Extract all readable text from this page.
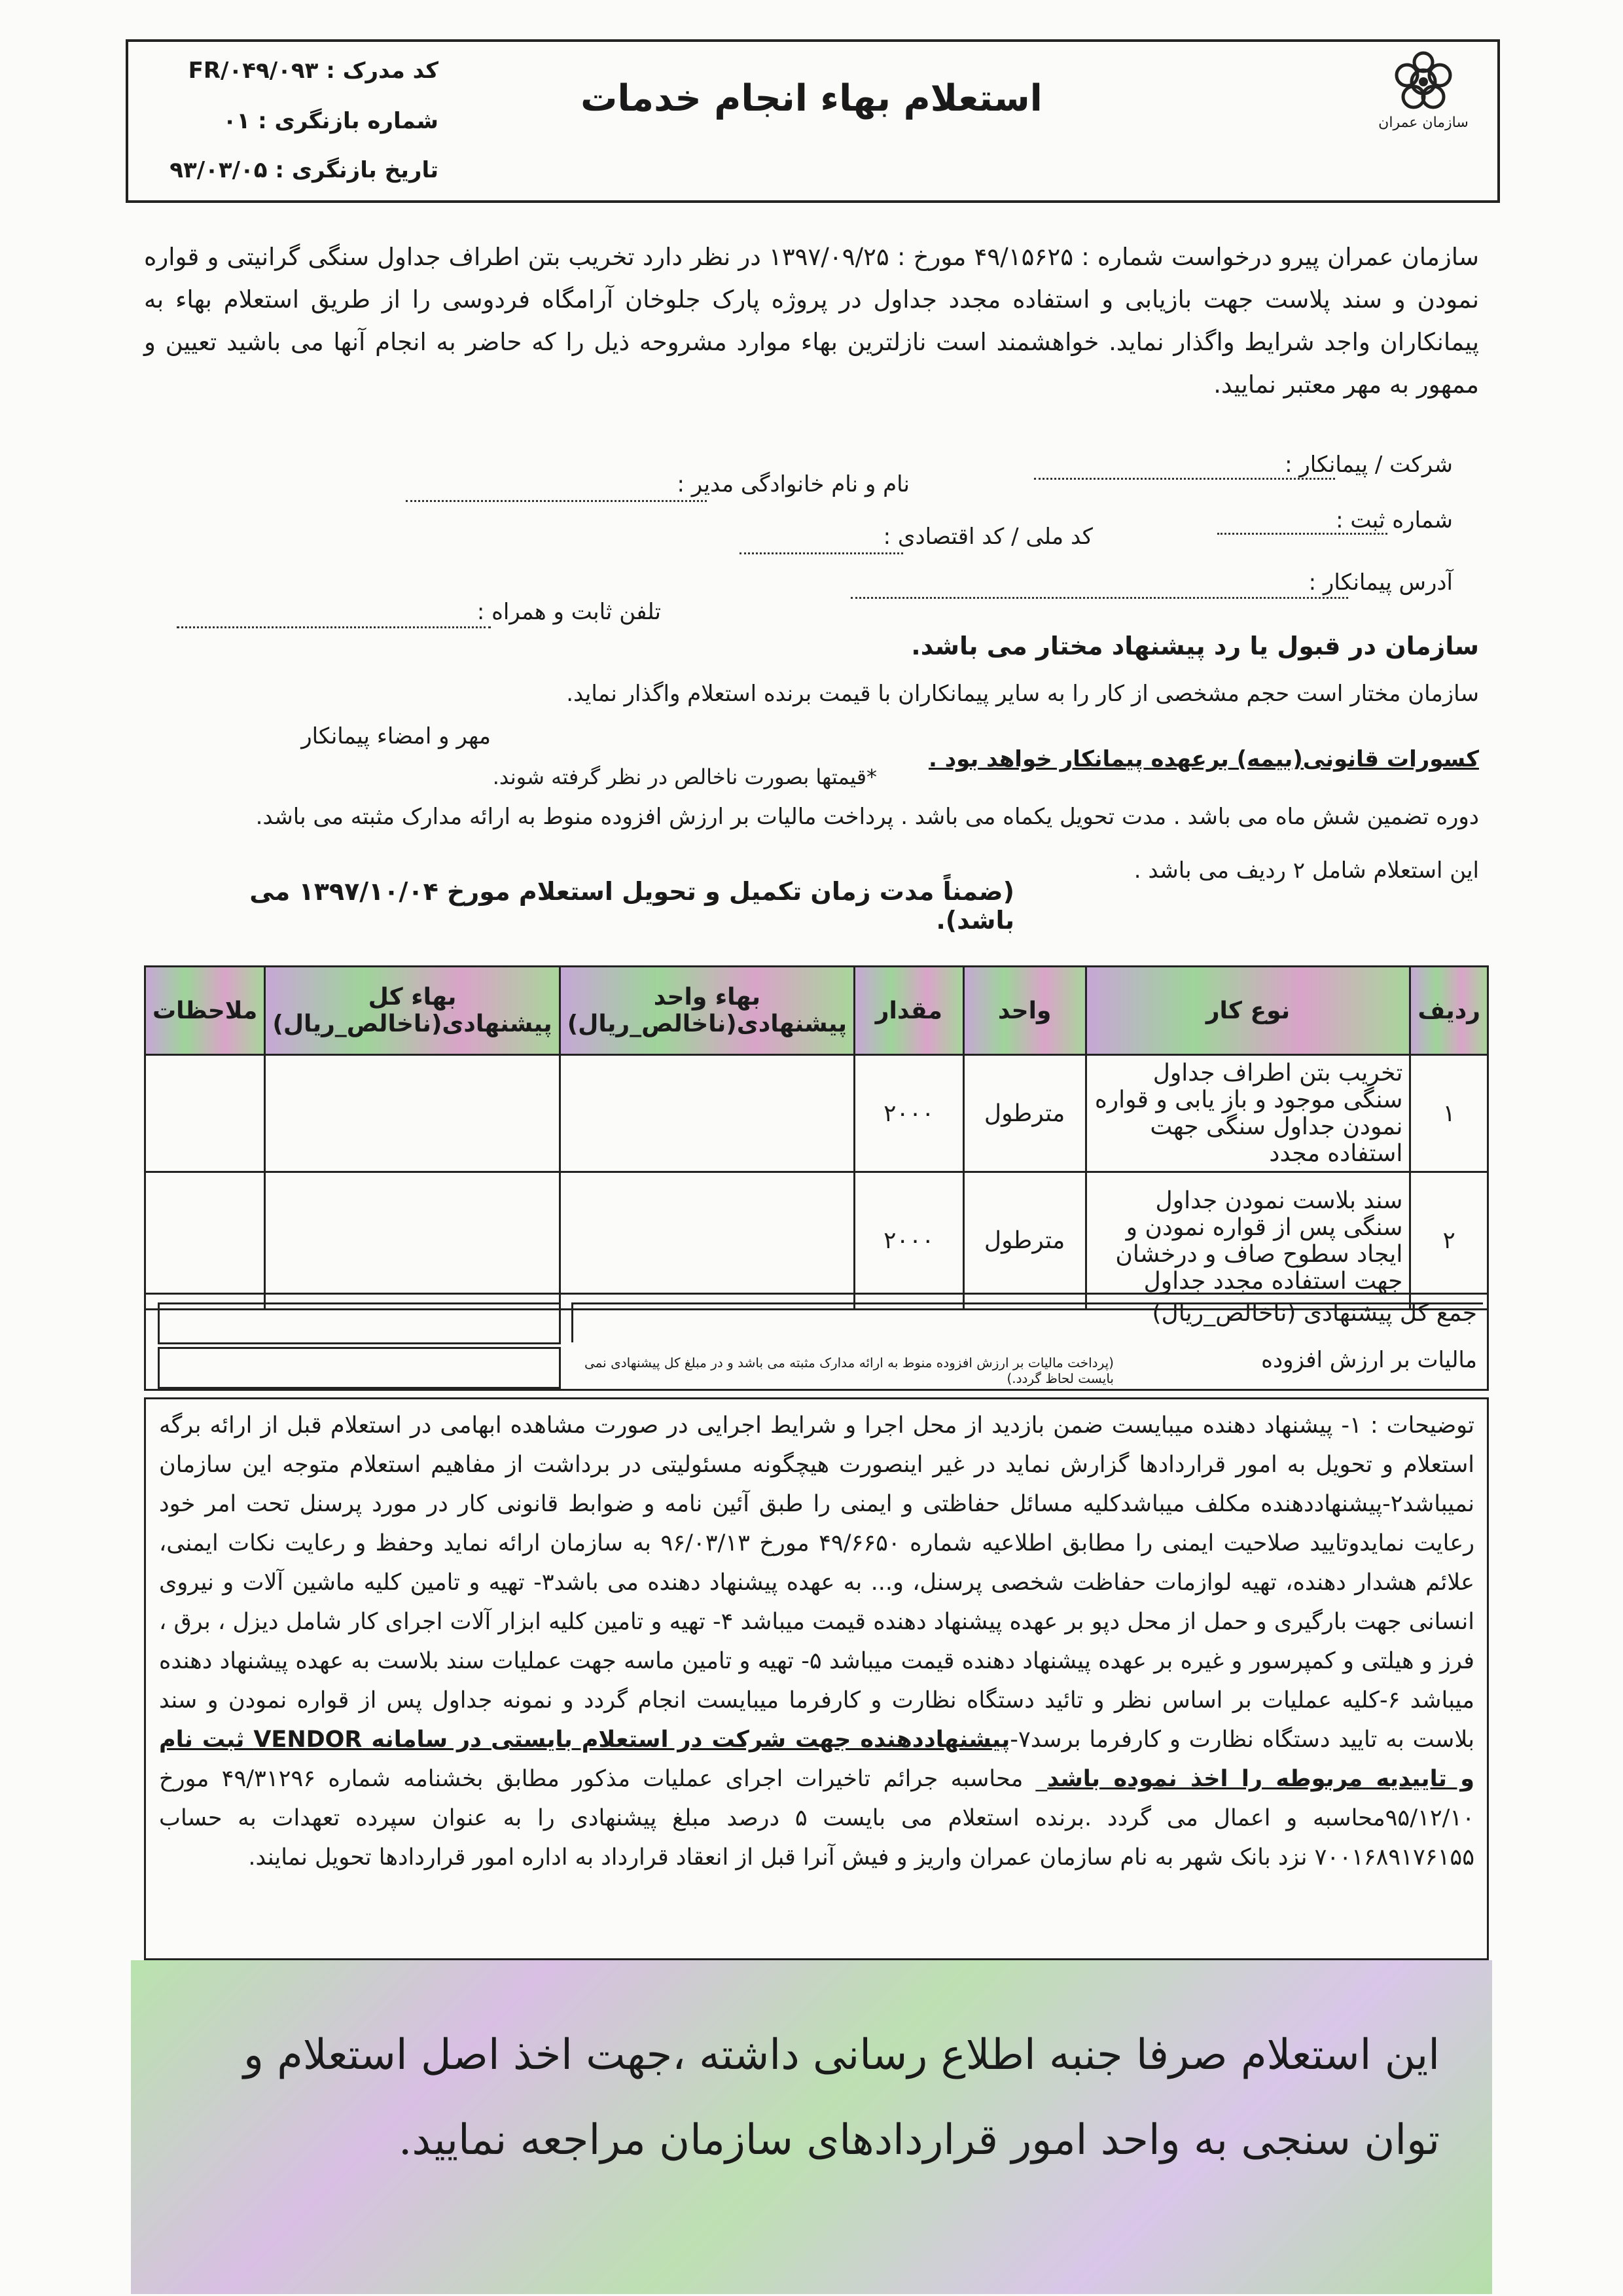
سازمان عمران
استعلام بهاء انجام خدمات
کد مدرک : FR/۰۴۹/۰۹۳
شماره بازنگری : ۰۱
تاریخ بازنگری : ۹۳/۰۳/۰۵
سازمان عمران پیرو درخواست شماره : ۴۹/۱۵۶۲۵ مورخ : ۱۳۹۷/۰۹/۲۵ در نظر دارد تخریب بتن اطراف جداول سنگی گرانیتی و قواره نمودن و سند پلاست جهت بازیابی و استفاده مجدد جداول در پروژه پارک جلوخان آرامگاه فردوسی را از طریق استعلام بهاء به پیمانکاران واجد شرایط واگذار نماید. خواهشمند است نازلترین بهاء موارد مشروحه ذیل را که حاضر به انجام آنها می باشید تعیین و ممهور به مهر معتبر نمایید.
شرکت / پیمانکار :
نام و نام خانوادگی مدیر :
شماره ثبت :
کد ملی / کد اقتصادی :
آدرس پیمانکار :
تلفن ثابت و همراه :
سازمان در قبول یا رد پیشنهاد مختار می باشد.
سازمان مختار است حجم مشخصی از کار را به سایر پیمانکاران با قیمت برنده استعلام واگذار نماید.
مهر و امضاء پیمانکار
کسورات قانونی(بیمه) برعهده پیمانکار خواهد بود .
*قیمتها بصورت ناخالص در نظر گرفته شوند.
دوره تضمین شش ماه می باشد . مدت تحویل یکماه می باشد . پرداخت مالیات بر ارزش افزوده منوط به ارائه مدارک مثبته می باشد.
این استعلام شامل ۲ ردیف می باشد .
(ضمناً مدت زمان تکمیل و تحویل استعلام مورخ ۱۳۹۷/۱۰/۰۴ می باشد).
ردیف	نوع کار	واحد	مقدار	بهاء واحد پیشنهادی(ناخالص_ریال)	بهاء کل پیشنهادی(ناخالص_ریال)	ملاحظات
۱	تخریب بتن اطراف جداول سنگی موجود و باز یابی و قواره نمودن جداول سنگی جهت استفاده مجدد	مترطول	۲۰۰۰			
۲	سند بلاست نمودن جداول سنگی پس از قواره نمودن و ایجاد سطوح صاف و درخشان جهت استفاده مجدد جداول	مترطول	۲۰۰۰			
جمع کل پیشنهادی (ناخالص_ریال)
مالیات بر ارزش افزوده
(پرداخت مالیات بر ارزش افزوده منوط به ارائه مدارک مثبته می باشد و در مبلغ کل پیشنهادی نمی بایست لحاظ گردد.)
توضیحات : ۱- پیشنهاد دهنده میبایست ضمن بازدید از محل اجرا و شرایط اجرایی در صورت مشاهده ابهامی در استعلام قبل از ارائه برگه استعلام و تحویل به امور قراردادها گزارش نماید در غیر اینصورت هیچگونه مسئولیتی در برداشت از مفاهیم استعلام متوجه این سازمان نمیباشد۲-پیشنهاددهنده مکلف میباشدکلیه مسائل حفاظتی و ایمنی را طبق آئین نامه و ضوابط قانونی کار در مورد پرسنل تحت امر خود رعایت نمایدوتایید صلاحیت ایمنی را مطابق اطلاعیه شماره ۴۹/۶۶۵۰ مورخ ۹۶/۰۳/۱۳ به سازمان ارائه نماید وحفظ و رعایت نکات ایمنی، علائم هشدار دهنده، تهیه لوازمات حفاظت شخصی پرسنل، و... به عهده پیشنهاد دهنده می باشد۳- تهیه و تامین کلیه ماشین آلات و نیروی انسانی جهت بارگیری و حمل از محل دپو بر عهده پیشنهاد دهنده قیمت میباشد ۴- تهیه و تامین کلیه ابزار آلات اجرای کار شامل دیزل ، برق ، فرز و هیلتی و کمپرسور و غیره بر عهده پیشنهاد دهنده قیمت میباشد ۵- تهیه و تامین ماسه جهت عملیات سند بلاست به عهده پیشنهاد دهنده میباشد ۶-کلیه عملیات بر اساس نظر و تائید دستگاه نظارت و کارفرما میبایست انجام گردد و نمونه جداول پس از قواره نمودن و سند بلاست به تایید دستگاه نظارت و کارفرما برسد۷-پیشنهاددهنده جهت شرکت در استعلام بایستی در سامانه VENDOR ثبت نام و تاییدیه مربوطه را اخذ نموده باشد_ محاسبه جرائم تاخیرات اجرای عملیات مذکور مطابق بخشنامه شماره ۴۹/۳۱۲۹۶ مورخ ۹۵/۱۲/۱۰محاسبه و اعمال می گردد .برنده استعلام می بایست ۵ درصد مبلغ پیشنهادی را به عنوان سپرده تعهدات به حساب ۷۰۰۱۶۸۹۱۷۶۱۵۵ نزد بانک شهر به نام سازمان عمران واریز و فیش آنرا قبل از انعقاد قرارداد به اداره امور قراردادها تحویل نمایند.
این استعلام صرفا جنبه اطلاع رسانی داشته ،جهت اخذ اصل استعلام و توان سنجی به واحد امور قراردادهای سازمان مراجعه نمایید.
